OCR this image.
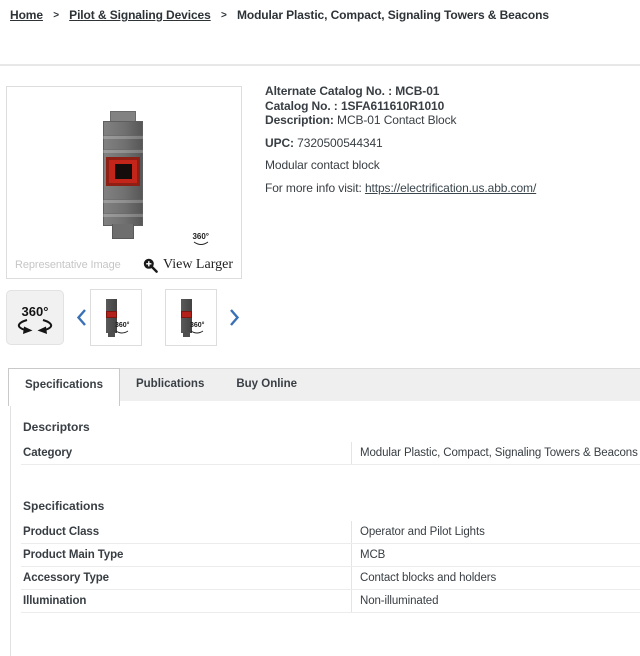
Home > Pilot & Signaling Devices > Modular Plastic, Compact, Signaling Towers & Beacons
360°
Representative Image	View Larger
360°
360°	360°
Alternate Catalog No. : MCB-01
Catalog No. : 1SFA611610R1010
Description: MCB-01 Contact Block
UPC: 7320500544341
Modular contact block
For more info visit: https://electrification.us.abb.com/
Specifications	Publications	Buy Online
Descriptors
Category	Modular Plastic, Compact, Signaling Towers & Beacons
Specifications
Product Class	Operator and Pilot Lights
Product Main Type	MCB
Accessory Type	Contact blocks and holders
Illumination	Non-illuminated
